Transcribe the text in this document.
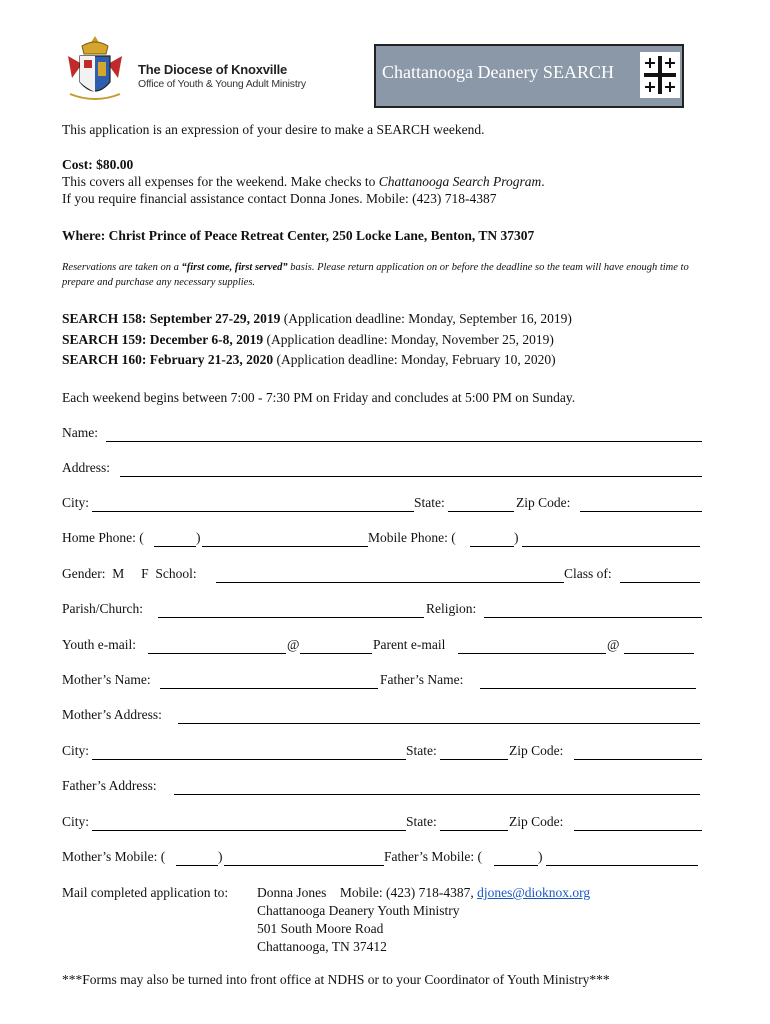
The Diocese of Knoxville
Office of Youth & Young Adult Ministry
Chattanooga Deanery SEARCH
This application is an expression of your desire to make a SEARCH weekend.
Cost: $80.00
This covers all expenses for the weekend. Make checks to Chattanooga Search Program.
If you require financial assistance contact Donna Jones. Mobile: (423) 718-4387
Where: Christ Prince of Peace Retreat Center, 250 Locke Lane, Benton, TN 37307
Reservations are taken on a “first come, first served” basis. Please return application on or before the deadline so the team will have enough time to prepare and purchase any necessary supplies.
SEARCH 158: September 27-29, 2019 (Application deadline: Monday, September 16, 2019)
SEARCH 159: December 6-8, 2019 (Application deadline: Monday, November 25, 2019)
SEARCH 160: February 21-23, 2020 (Application deadline: Monday, February 10, 2020)
Each weekend begins between 7:00 - 7:30 PM on Friday and concludes at 5:00 PM on Sunday.
Name:
Address:
City:	State:	Zip Code:
Home Phone: (	)	Mobile Phone: (	)
Gender:  M     F  School:	Class of:
Parish/Church:	Religion:
Youth e-mail:	@	Parent e-mail	@
Mother’s Name:	Father’s Name:
Mother’s Address:
City:	State:	Zip Code:
Father’s Address:
City:	State:	Zip Code:
Mother’s Mobile: (	)	Father’s Mobile: (	)
Mail completed application to: Donna Jones    Mobile: (423) 718-4387, djones@dioknox.org
Chattanooga Deanery Youth Ministry
501 South Moore Road
Chattanooga, TN 37412
***Forms may also be turned into front office at NDHS or to your Coordinator of Youth Ministry***
